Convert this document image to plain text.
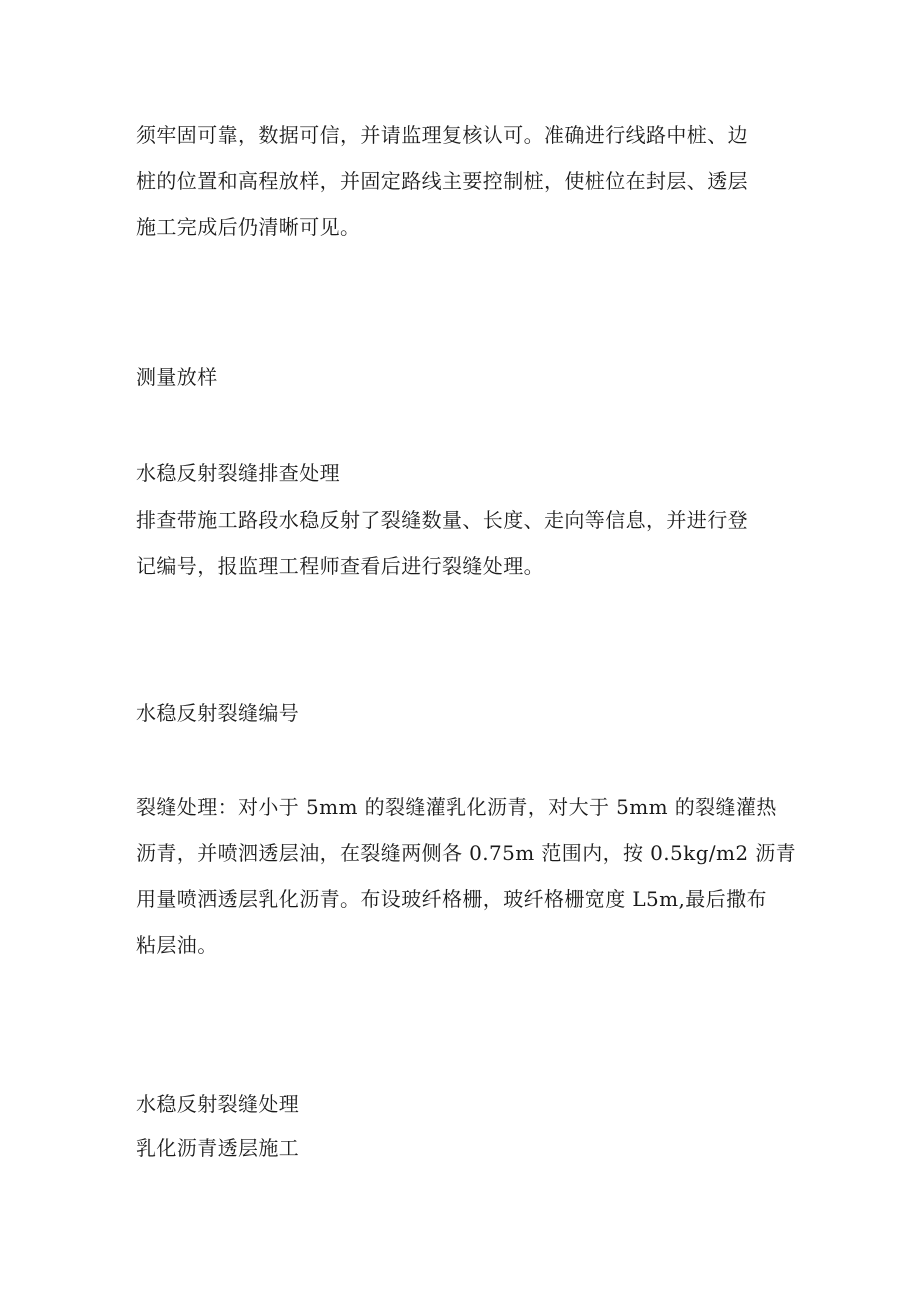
须牢固可靠，数据可信，并请监理复核认可。准确进行线路中桩、边
桩的位置和高程放样，并固定路线主要控制桩，使桩位在封层、透层
施工完成后仍清晰可见。

测量放样

水稳反射裂缝排查处理

排查带施工路段水稳反射了裂缝数量、长度、走向等信息，并进行登
记编号，报监理工程师查看后进行裂缝处理。

水稳反射裂缝编号

裂缝处理：对小于 5mm 的裂缝灌乳化沥青，对大于 5mm 的裂缝灌热
沥青，并喷泗透层油，在裂缝两侧各 0.75m 范围内，按 0.5kg∕m2 沥青
用量喷洒透层乳化沥青。布设玻纤格栅，玻纤格栅宽度 L5m,最后撒布
粘层油。

水稳反射裂缝处理

乳化沥青透层施工
